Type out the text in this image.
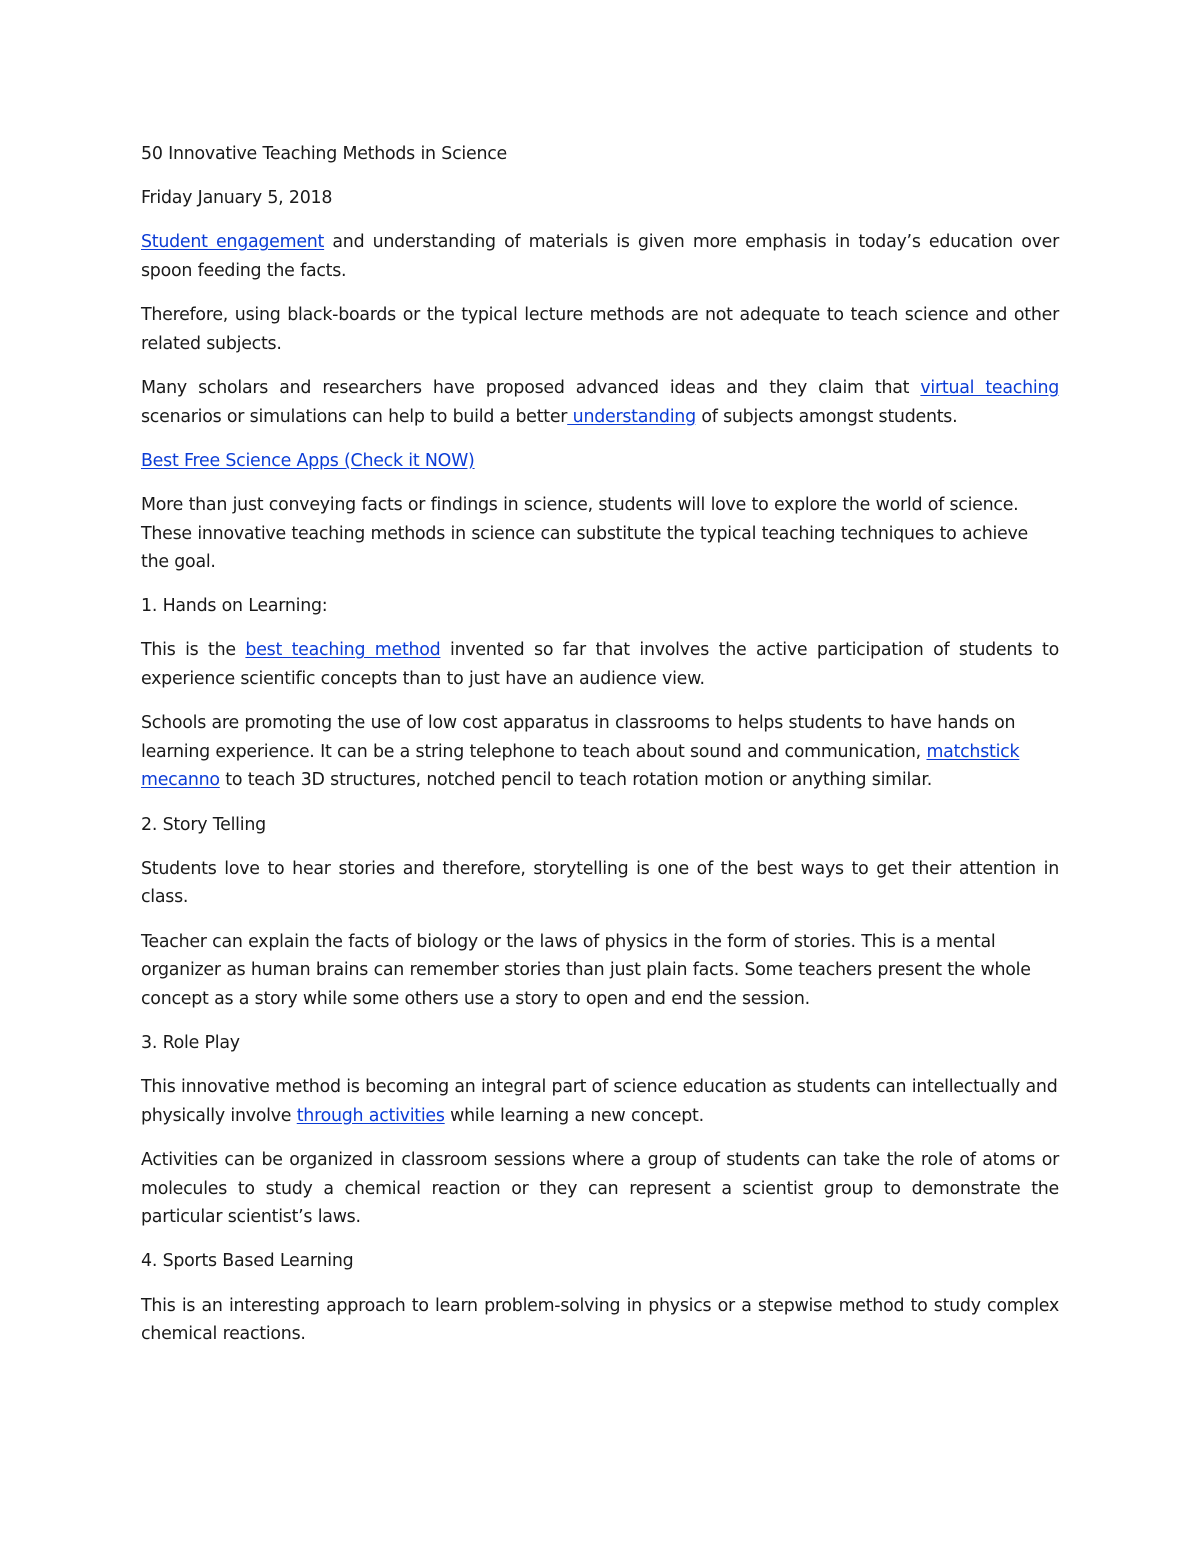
50 Innovative Teaching Methods in Science

Friday January 5, 2018

Student engagement and understanding of materials is given more emphasis in today’s education over spoon feeding the facts.

Therefore, using black-boards or the typical lecture methods are not adequate to teach science and other related subjects.

Many scholars and researchers have proposed advanced ideas and they claim that virtual teaching scenarios or simulations can help to build a better understanding of subjects amongst students.

Best Free Science Apps (Check it NOW)

More than just conveying facts or findings in science, students will love to explore the world of science. These innovative teaching methods in science can substitute the typical teaching techniques to achieve the goal.

1. Hands on Learning:

This is the best teaching method invented so far that involves the active participation of students to experience scientific concepts than to just have an audience view.

Schools are promoting the use of low cost apparatus in classrooms to helps students to have hands on learning experience. It can be a string telephone to teach about sound and communication, matchstick mecanno to teach 3D structures, notched pencil to teach rotation motion or anything similar.

2. Story Telling

Students love to hear stories and therefore, storytelling is one of the best ways to get their attention in class.

Teacher can explain the facts of biology or the laws of physics in the form of stories. This is a mental organizer as human brains can remember stories than just plain facts. Some teachers present the whole concept as a story while some others use a story to open and end the session.

3. Role Play

This innovative method is becoming an integral part of science education as students can intellectually and physically involve through activities while learning a new concept.

Activities can be organized in classroom sessions where a group of students can take the role of atoms or molecules to study a chemical reaction or they can represent a scientist group to demonstrate the particular scientist’s laws.

4. Sports Based Learning

This is an interesting approach to learn problem-solving in physics or a stepwise method to study complex chemical reactions.
